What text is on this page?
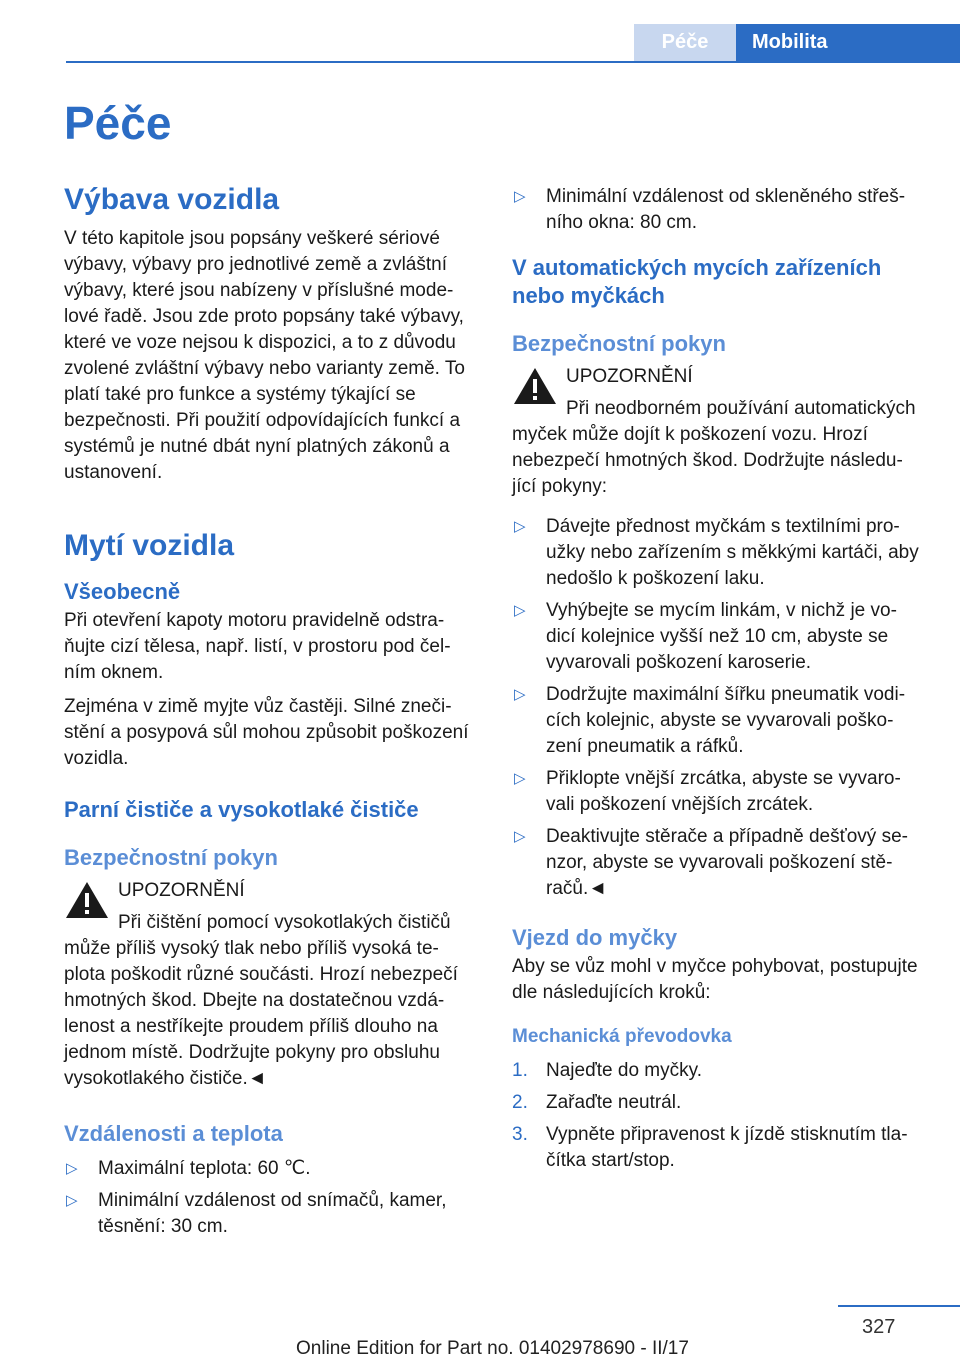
Péče	Mobilita
Péče
Výbava vozidla

V této kapitole jsou popsány veškeré sériové výbavy, výbavy pro jednotlivé země a zvláštní výbavy, které jsou nabízeny v příslušné modelové řadě. Jsou zde proto popsány také výbavy, které ve voze nejsou k dispozici, a to z důvodu zvolené zvláštní výbavy nebo varianty země. To platí také pro funkce a systémy týkající se bezpečnosti. Při použití odpovídajících funkcí a systémů je nutné dbát nyní platných zákonů a ustanovení.

Mytí vozidla
Všeobecně

Při otevření kapoty motoru pravidelně odstraňujte cizí tělesa, např. listí, v prostoru pod čelním oknem.

Zejména v zimě myjte vůz častěji. Silné znečistění a posypová sůl mohou způsobit poškození vozidla.

Parní čističe a vysokotlaké čističe
Bezpečnostní pokyn
UPOZORNĚNÍ

Při čištění pomocí vysokotlakých čističů může příliš vysoký tlak nebo příliš vysoká teplota poškodit různé součásti. Hrozí nebezpečí hmotných škod. Dbejte na dostatečnou vzdálenost a nestříkejte proudem příliš dlouho na jednom místě. Dodržujte pokyny pro obsluhu vysokotlakého čističe.◄

Vzdálenosti a teplota
▷ Maximální teplota: 60 ℃.
▷ Minimální vzdálenost od snímačů, kamer, těsnění: 30 cm.
▷ Minimální vzdálenost od skleněného střešního okna: 80 cm.
V automatických mycích zařízeních nebo myčkách
Bezpečnostní pokyn
UPOZORNĚNÍ

Při neodborném používání automatických myček může dojít k poškození vozu. Hrozí nebezpečí hmotných škod. Dodržujte následující pokyny:

▷ Dávejte přednost myčkám s textilními proužky nebo zařízením s měkkými kartáči, aby nedošlo k poškození laku.
▷ Vyhýbejte se mycím linkám, v nichž je vodicí kolejnice vyšší než 10 cm, abyste se vyvarovali poškození karoserie.
▷ Dodržujte maximální šířku pneumatik vodicích kolejnic, abyste se vyvarovali poškození pneumatik a ráfků.
▷ Přiklopte vnější zrcátka, abyste se vyvarovali poškození vnějších zrcátek.
▷ Deaktivujte stěrače a případně dešťový senzor, abyste se vyvarovali poškození stěračů.◄
Vjezd do myčky

Aby se vůz mohl v myčce pohybovat, postupujte dle následujících kroků:

Mechanická převodovka
1. Najeďte do myčky.
2. Zařaďte neutrál.
3. Vypněte připravenost k jízdě stisknutím tlačítka start/stop.
327
Online Edition for Part no. 01402978690 - II/17
